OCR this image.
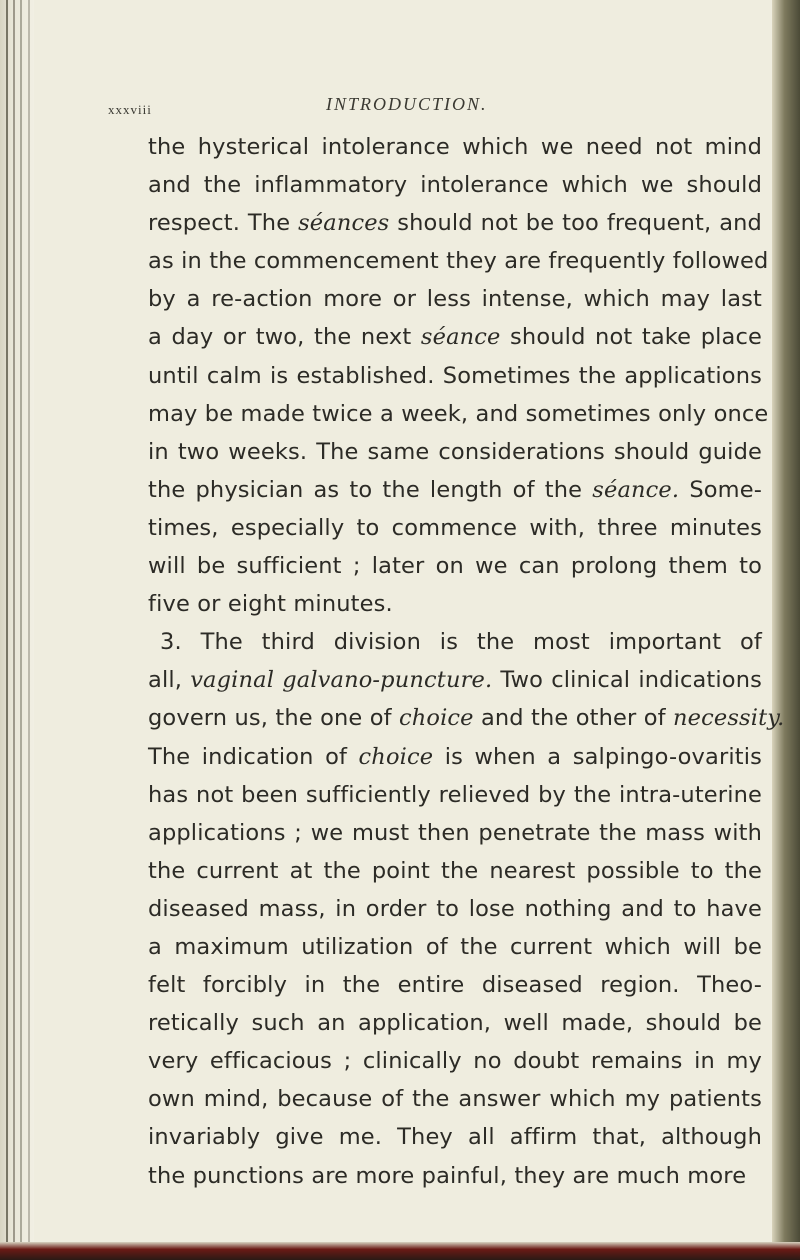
xxxviii	INTRODUCTION.
the hysterical intolerance which we need not mind
and the inflammatory intolerance which we should
respect. The séances should not be too frequent, and
as in the commencement they are frequently followed
by a re-action more or less intense, which may last
a day or two, the next séance should not take place
until calm is established. Sometimes the applications
may be made twice a week, and sometimes only once
in two weeks. The same considerations should guide
the physician as to the length of the séance. Some-
times, especially to commence with, three minutes
will be sufficient ; later on we can prolong them to
five or eight minutes.
3. The third division is the most important of
all, vaginal galvano-puncture. Two clinical indications
govern us, the one of choice and the other of necessity.
The indication of choice is when a salpingo-ovaritis
has not been sufficiently relieved by the intra-uterine
applications ; we must then penetrate the mass with
the current at the point the nearest possible to the
diseased mass, in order to lose nothing and to have
a maximum utilization of the current which will be
felt forcibly in the entire diseased region. Theo-
retically such an application, well made, should be
very efficacious ; clinically no doubt remains in my
own mind, because of the answer which my patients
invariably give me. They all affirm that, although
the punctions are more painful, they are much more
